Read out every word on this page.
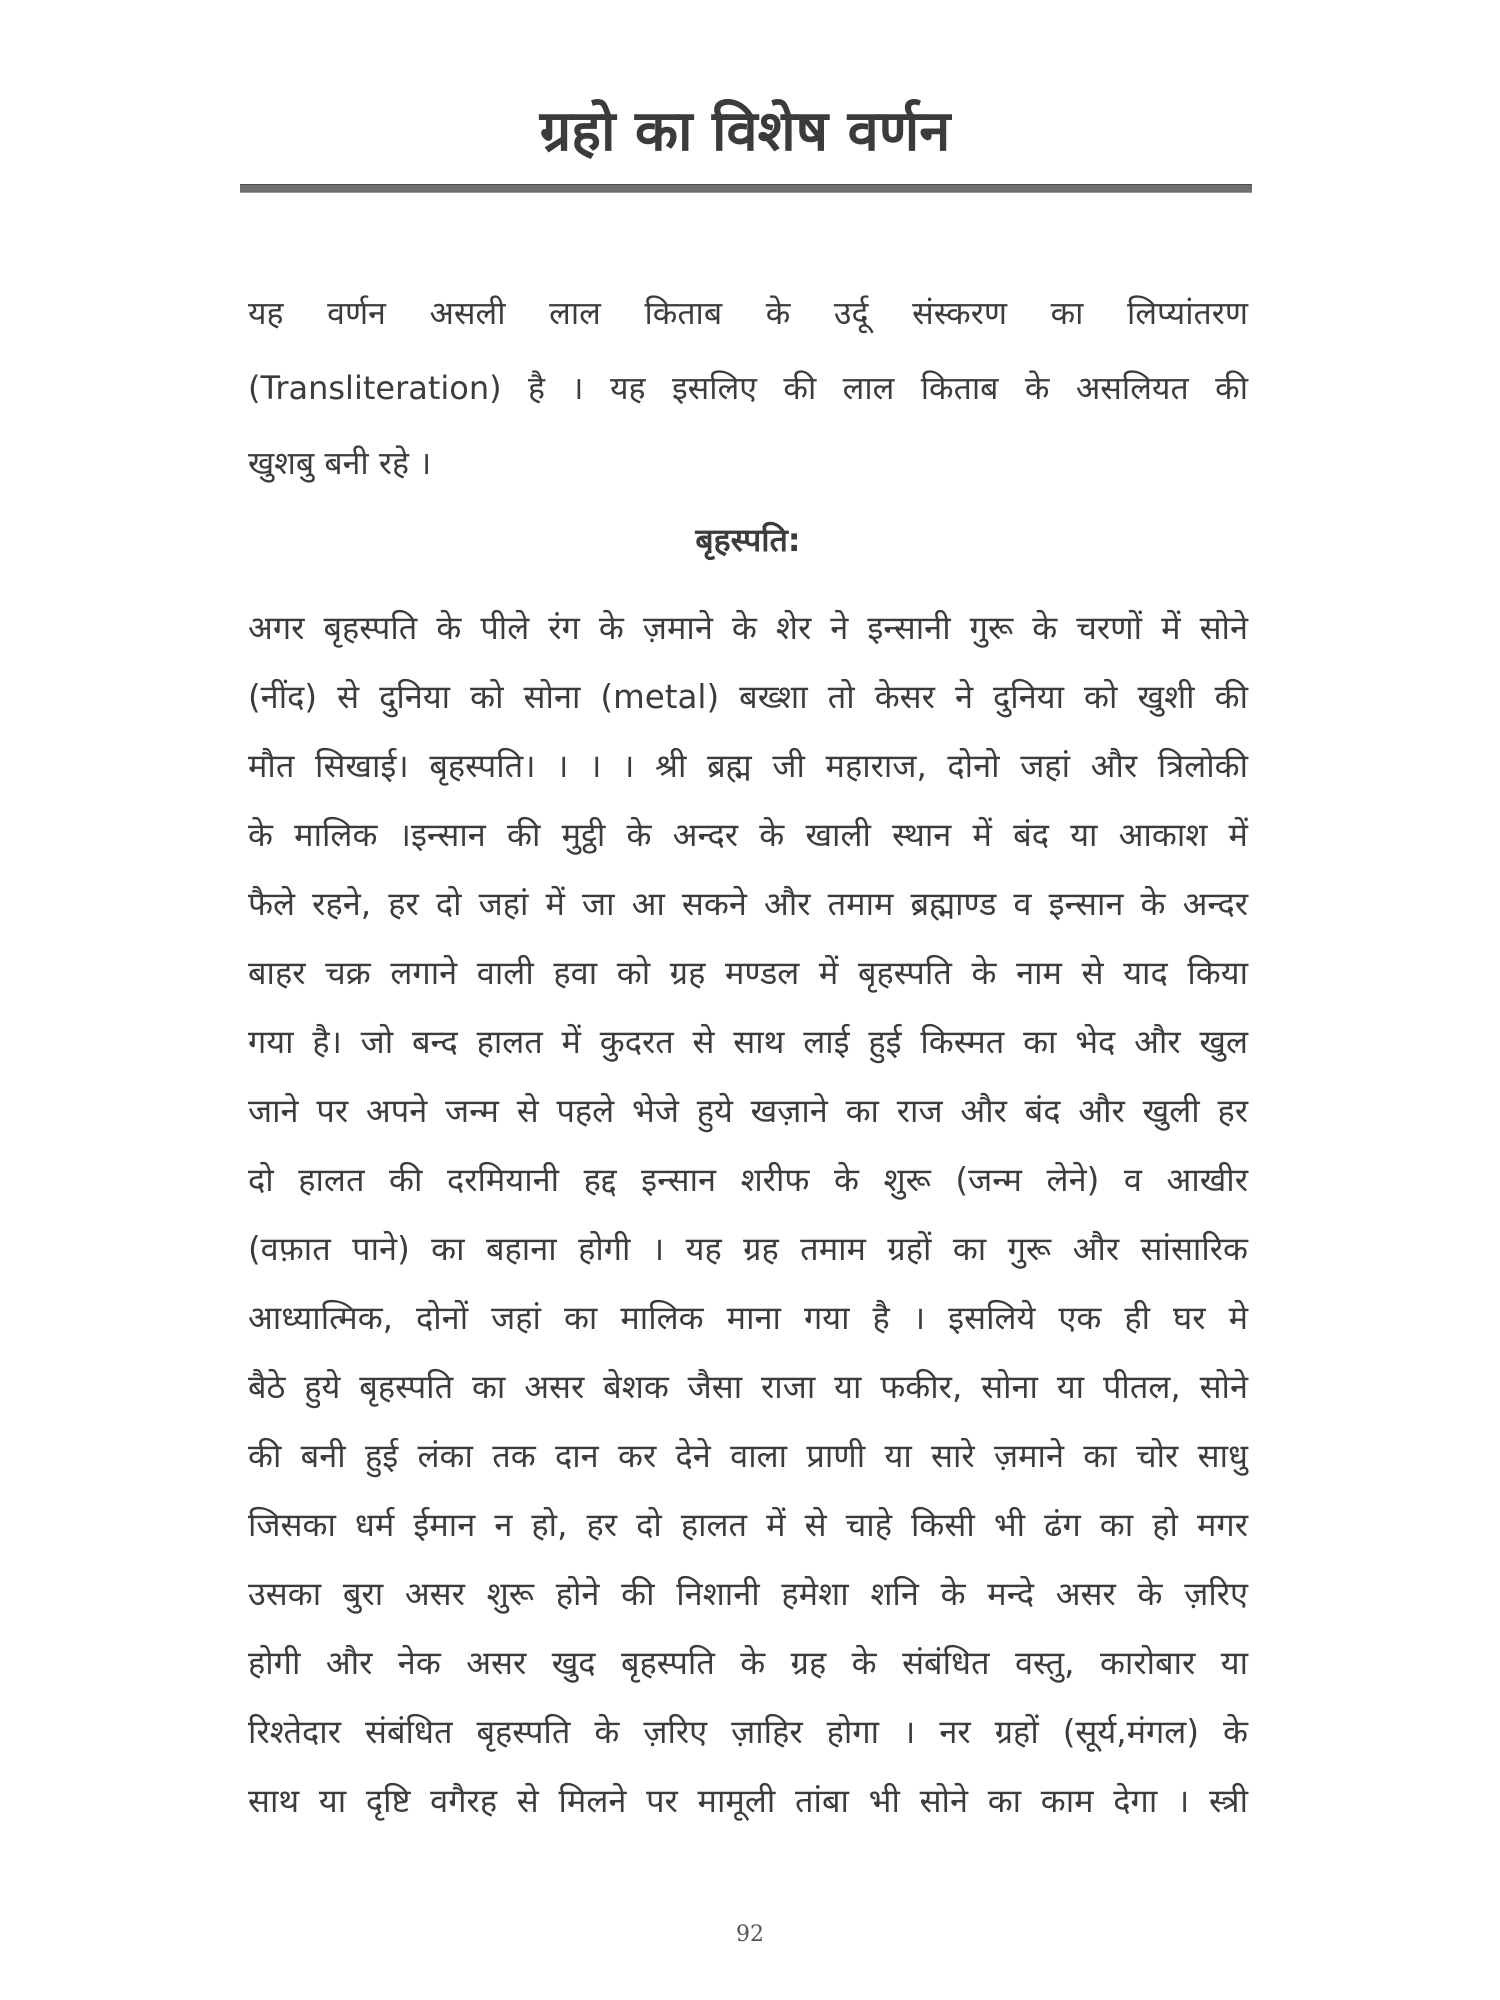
ग्रहो का विशेष वर्णन
यह वर्णन असली लाल किताब के उर्दू संस्करण का लिप्यांतरण
(Transliteration) है । यह इसलिए की लाल किताब के असलियत की
खुशबु बनी रहे ।
बृहस्पति:
अगर बृहस्पति के पीले रंग के ज़माने के शेर ने इन्सानी गुरू के चरणों में सोने
(नींद) से दुनिया को सोना (metal) बख्शा तो केसर ने दुनिया को खुशी की
मौत सिखाई। बृहस्पति। । । । श्री ब्रह्म जी महाराज, दोनो जहां और त्रिलोकी
के मालिक ।इन्सान की मुट्ठी के अन्दर के खाली स्थान में बंद या आकाश में
फैले रहने, हर दो जहां में जा आ सकने और तमाम ब्रह्माण्ड व इन्सान के अन्दर
बाहर चक्र लगाने वाली हवा को ग्रह मण्डल में बृहस्पति के नाम से याद किया
गया है। जो बन्द हालत में कुदरत से साथ लाई हुई किस्मत का भेद और खुल
जाने पर अपने जन्म से पहले भेजे हुये खज़ाने का राज और बंद और खुली हर
दो हालत की दरमियानी हद्द इन्सान शरीफ के शुरू (जन्म लेने) व आखीर
(वफ़ात पाने) का बहाना होगी । यह ग्रह तमाम ग्रहों का गुरू और सांसारिक
आध्यात्मिक, दोनों जहां का मालिक माना गया है । इसलिये एक ही घर मे
बैठे हुये बृहस्पति का असर बेशक जैसा राजा या फकीर, सोना या पीतल, सोने
की बनी हुई लंका तक दान कर देने वाला प्राणी या सारे ज़माने का चोर साधु
जिसका धर्म ईमान न हो, हर दो हालत में से चाहे किसी भी ढंग का हो मगर
उसका बुरा असर शुरू होने की निशानी हमेशा शनि के मन्दे असर के ज़रिए
होगी और नेक असर खुद बृहस्पति के ग्रह के संबंधित वस्तु, कारोबार या
रिश्तेदार संबंधित बृहस्पति के ज़रिए ज़ाहिर होगा । नर ग्रहों (सूर्य,मंगल) के
साथ या दृष्टि वगैरह से मिलने पर मामूली तांबा भी सोने का काम देगा । स्त्री
92
